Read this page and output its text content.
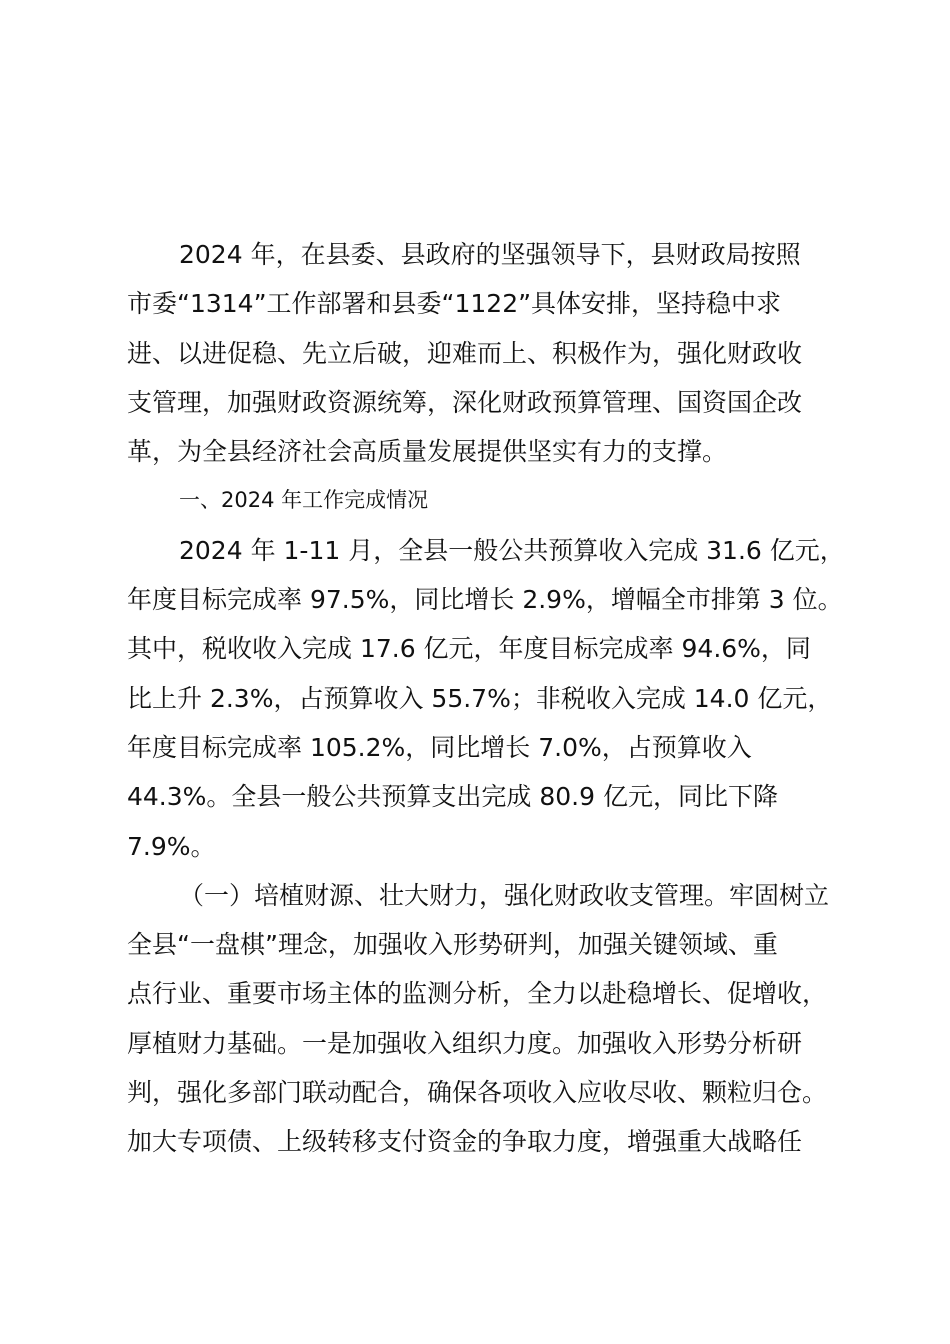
2024 年，在县委、县政府的坚强领导下，县财政局按照
市委“1314”工作部署和县委“1122”具体安排，坚持稳中求
进、以进促稳、先立后破，迎难而上、积极作为，强化财政收
支管理，加强财政资源统筹，深化财政预算管理、国资国企改
革，为全县经济社会高质量发展提供坚实有力的支撑。

一、2024 年工作完成情况

2024 年 1-11 月，全县一般公共预算收入完成 31.6 亿元，
年度目标完成率 97.5%，同比增长 2.9%，增幅全市排第 3 位。
其中，税收收入完成 17.6 亿元，年度目标完成率 94.6%，同
比上升 2.3%，占预算收入 55.7%；非税收入完成 14.0 亿元，
年度目标完成率 105.2%，同比增长 7.0%，占预算收入
44.3%。全县一般公共预算支出完成 80.9 亿元，同比下降
7.9%。

（一）培植财源、壮大财力，强化财政收支管理。牢固树立
全县“一盘棋”理念，加强收入形势研判，加强关键领域、重
点行业、重要市场主体的监测分析，全力以赴稳增长、促增收，
厚植财力基础。一是加强收入组织力度。加强收入形势分析研
判，强化多部门联动配合，确保各项收入应收尽收、颗粒归仓。
加大专项债、上级转移支付资金的争取力度，增强重大战略任
